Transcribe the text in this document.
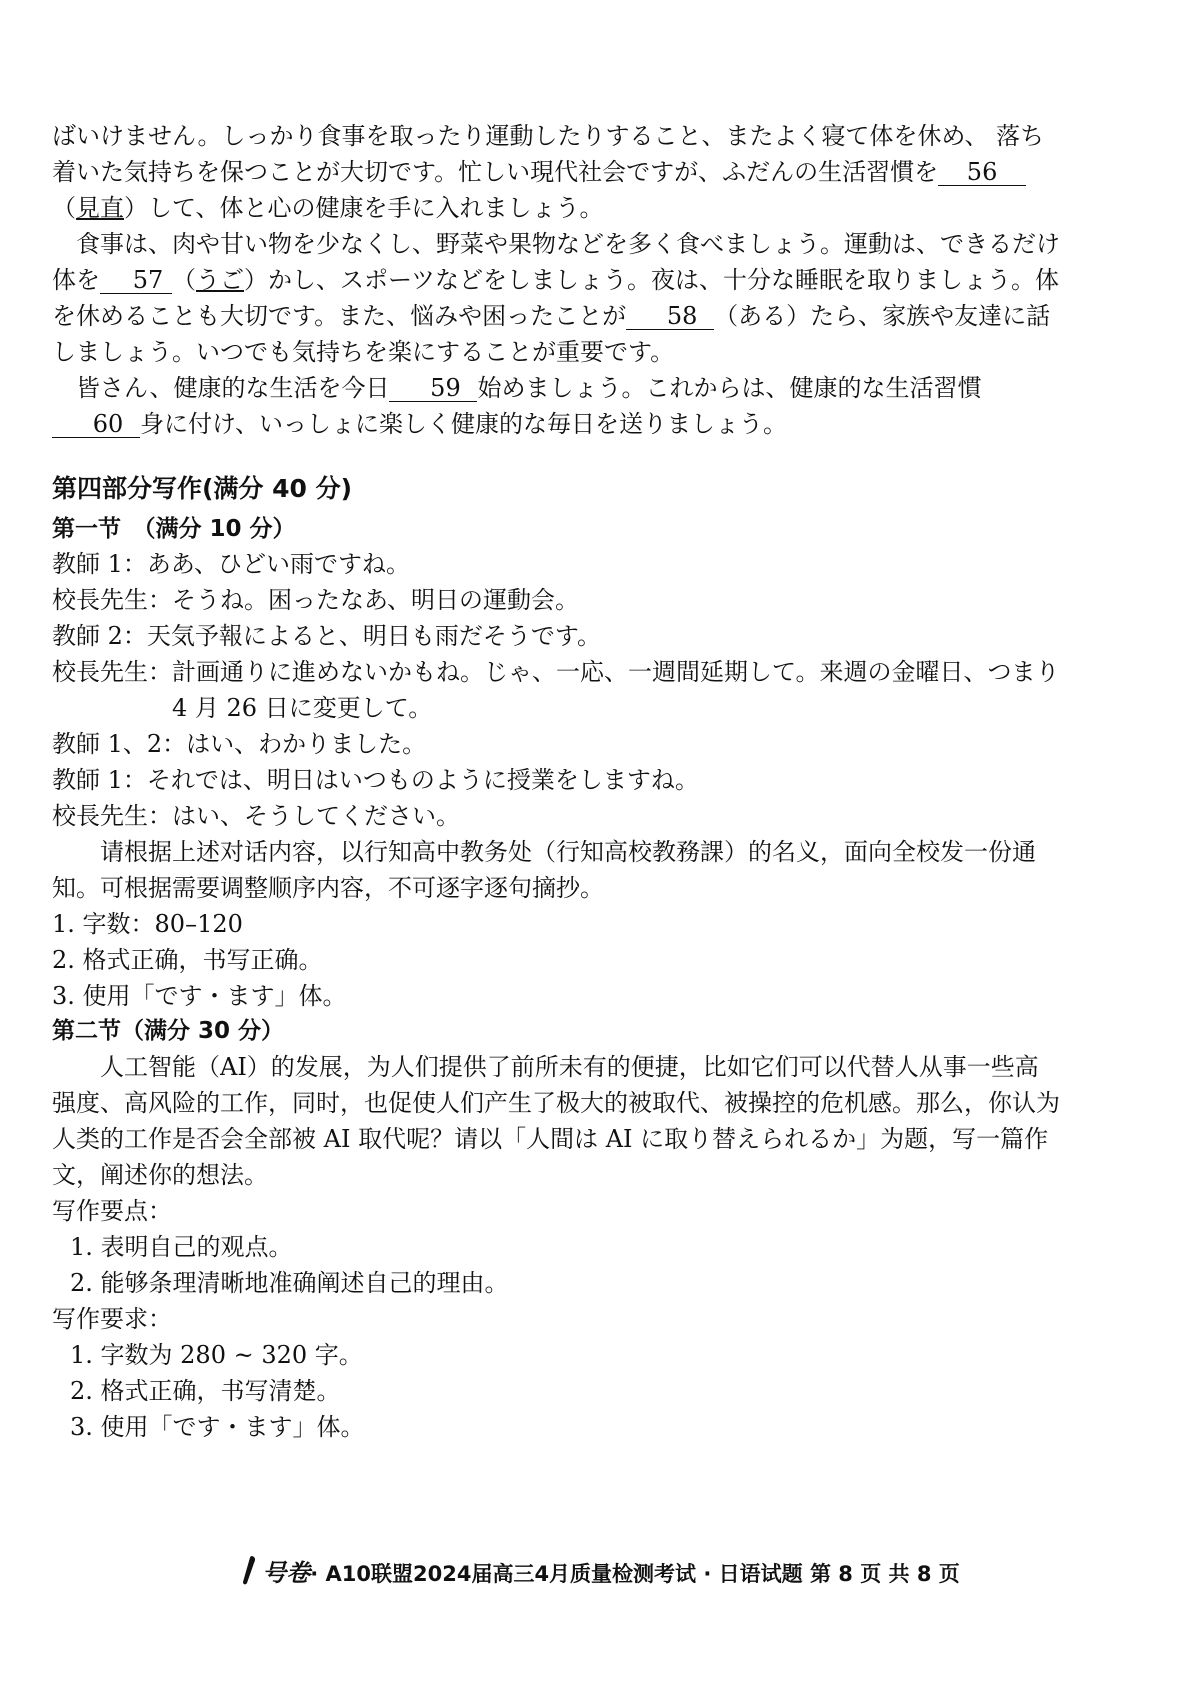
ばいけません。しっかり食事を取ったり運動したりすること、またよく寝て体を休め、 落ち着いた気持ちを保つことが大切です。忙しい現代社会ですが、ふだんの生活習慣を 56（見直）して、体と心の健康を手に入れましょう。

食事は、肉や甘い物を少なくし、野菜や果物などを多く食べましょう。運動は、できるだけ体を 57 （うご）かし、スポーツなどをしましょう。夜は、十分な睡眠を取りましょう。体を休めることも大切です。また、悩みや困ったことが 58 （ある）たら、家族や友達に話しましょう。いつでも気持ちを楽にすることが重要です。

皆さん、健康的な生活を今日 59 始めましょう。これからは、健康的な生活習慣60 身に付け、いっしょに楽しく健康的な毎日を送りましょう。

第四部分写作(满分 40 分)
第一节　（满分 10 分）
教師 1： ああ、ひどい雨ですね。
校長先生： そうね。困ったなあ、明日の運動会。
教師 2： 天気予報によると、明日も雨だそうです。
校長先生： 計画通りに進めないかもね。じゃ、一応、一週間延期して。来週の金曜日、つまり 4 月 26 日に変更して。
教師 1、2： はい、わかりました。
教師 1： それでは、明日はいつものように授業をしますね。
校長先生： はい、そうしてください。

请根据上述对话内容，以行知高中教务处（行知高校教務課）的名义，面向全校发一份通知。可根据需要调整顺序内容，不可逐字逐句摘抄。

1. 字数：80–120
2. 格式正确，书写正确。
3. 使用「です・ます」体。
第二节（满分 30 分）

人工智能（AI）的发展，为人们提供了前所未有的便捷，比如它们可以代替人从事一些高强度、高风险的工作，同时，也促使人们产生了极大的被取代、被操控的危机感。那么，你认为人类的工作是否会全部被 AI 取代呢？请以「人間は AI に取り替えられるか」为题，写一篇作文，阐述你的想法。

写作要点：
1. 表明自己的观点。
2. 能够条理清晰地准确阐述自己的理由。
写作要求：
1. 字数为 280 ~ 320 字。
2. 格式正确，书写清楚。
3. 使用「です・ます」体。
号卷· A10联盟2024届高三4月质量检测考试 · 日语试题 第 8 页 共 8 页
